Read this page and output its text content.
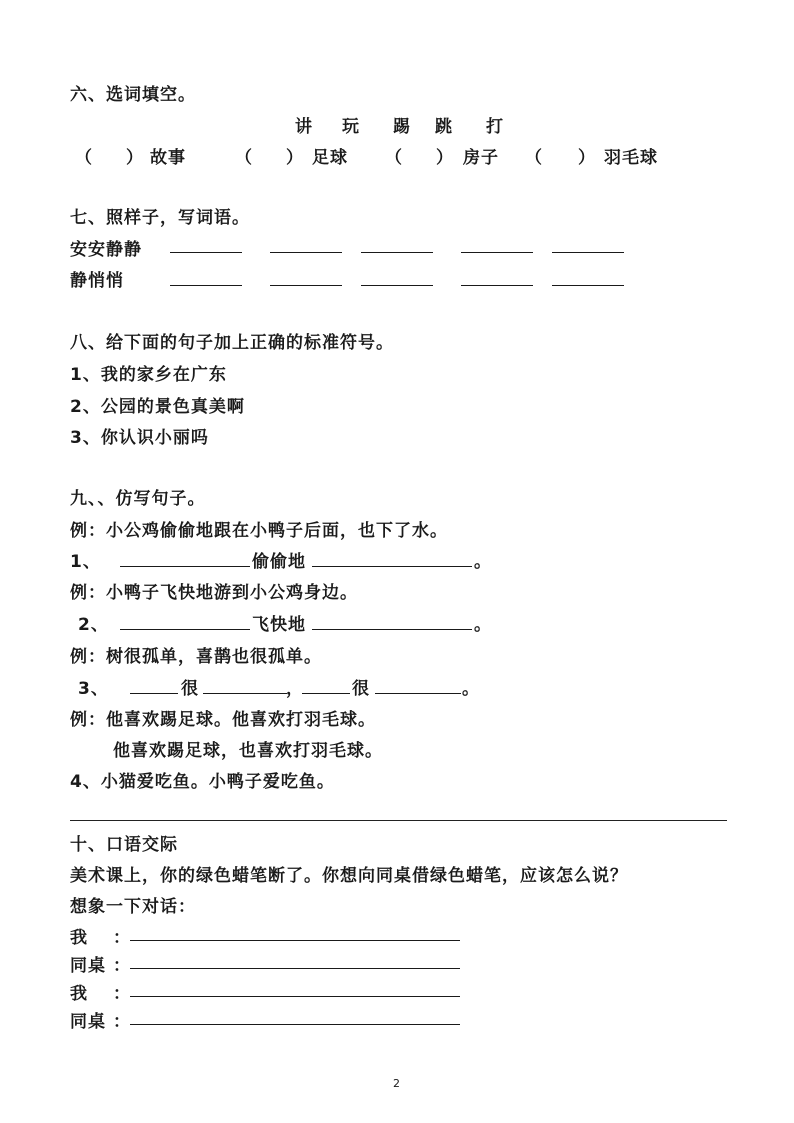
六、选词填空。
讲 玩 踢 跳 打
（ ） 故事	（ ） 足球 （ ） 房子 （ ） 羽毛球
七、照样子，写词语。
安安静静
静悄悄
八、给下面的句子加上正确的标准符号。
1、我的家乡在广东
2、公园的景色真美啊
3、你认识小丽吗
九、、仿写句子。
例：小公鸡偷偷地跟在小鸭子后面，也下了水。
1、	偷偷地	。
例：小鸭子飞快地游到小公鸡身边。
2、	飞快地	。
例：树很孤单，喜鹊也很孤单。
3、	很	，	很	。
例：他喜欢踢足球。他喜欢打羽毛球。
他喜欢踢足球，也喜欢打羽毛球。
4、小猫爱吃鱼。小鸭子爱吃鱼。
十、口语交际
美术课上，你的绿色蜡笔断了。你想向同桌借绿色蜡笔，应该怎么说？
想象一下对话：
我 ：
同桌 ：
我 ：
同桌 ：
2
